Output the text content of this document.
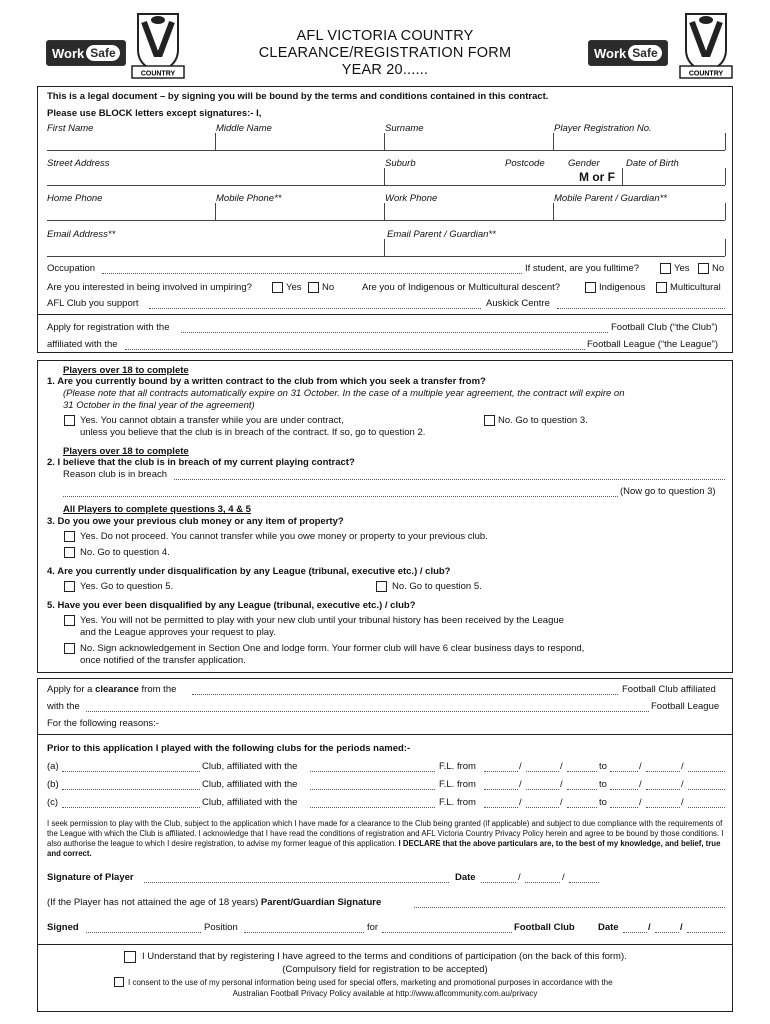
Work Safe
COUNTRY
AFL VICTORIA COUNTRY
CLEARANCE/REGISTRATION FORM
YEAR 20......
Work Safe
COUNTRY
This is a legal document – by signing you will be bound by the terms and conditions contained in this contract.
Please use BLOCK letters except signatures:- I,
First Name	Middle Name	Surname	Player Registration No.
Street Address	Suburb	Postcode Gender	Date of Birth
M or F
Home Phone	Mobile Phone**	Work Phone	Mobile Parent / Guardian**
Email Address**	Email Parent / Guardian**
Occupation	If student, are you fulltime?	Yes No
Are you interested in being involved in umpiring?	Yes No	Are you of Indigenous or Multicultural descent?	Indigenous	Multicultural
AFL Club you support	Auskick Centre
Apply for registration with the	Football Club (“the Club”)
affiliated with the	Football League (“the League”)
Players over 18 to complete
1. Are you currently bound by a written contract to the club from which you seek a transfer from?
(Please note that all contracts automatically expire on 31 October. In the case of a multiple year agreement, the contract will expire on
31 October in the final year of the agreement)
Yes. You cannot obtain a transfer while you are under contract,
unless you believe that the club is in breach of the contract. If so, go to question 2.
No. Go to question 3.
Players over 18 to complete
2. I believe that the club is in breach of my current playing contract?
Reason club is in breach
(Now go to question 3)
All Players to complete questions 3, 4 & 5
3. Do you owe your previous club money or any item of property?
Yes. Do not proceed. You cannot transfer while you owe money or property to your previous club.
No. Go to question 4.
4. Are you currently under disqualification by any League (tribunal, executive etc.) / club?
Yes. Go to question 5.	No. Go to question 5.
5. Have you ever been disqualified by any League (tribunal, executive etc.) / club?
Yes. You will not be permitted to play with your new club until your tribunal history has been received by the League
and the League approves your request to play.
No. Sign acknowledgement in Section One and lodge form. Your former club will have 6 clear business days to respond,
once notified of the transfer application.
Apply for a clearance from the	Football Club affiliated
with the	Football League
For the following reasons:-
Prior to this application I played with the following clubs for the periods named:-
(a)	Club, affiliated with the	F.L. from	/	/	to	/	/
(b)	Club, affiliated with the	F.L. from	/	/	to	/	/
(c)	Club, affiliated with the	F.L. from	/	/	to	/	/
I seek permission to play with the Club, subject to the application which I have made for a clearance to the Club being granted (if applicable) and subject to due compliance with the requirements of the League with which the Club is affiliated. I acknowledge that I have read the conditions of registration and AFL Victoria Country Privacy Policy herein and agree to be bound by those conditions. I also authorise the league to which I desire registration, to advise my former league of this application. I DECLARE that the above particulars are, to the best of my knowledge, and belief, true and correct.
Signature of Player	Date	/	/
(If the Player has not attained the age of 18 years) Parent/Guardian Signature
Signed	Position	for	Football Club Date	/	/
I Understand that by registering I have agreed to the terms and conditions of participation (on the back of this form).
(Compulsory field for registration to be accepted)
I consent to the use of my personal information being used for special offers, marketing and promotional purposes in accordance with the
Australian Football Privacy Policy available at http://www.aflcommunity.com.au/privacy
